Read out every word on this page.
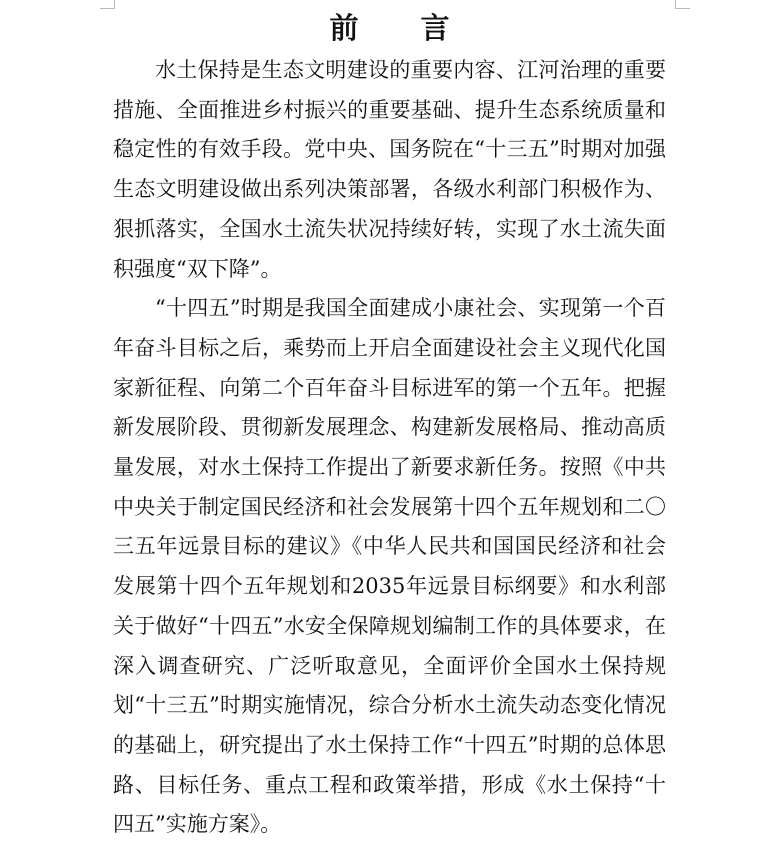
前 言

水土保持是生态文明建设的重要内容、江河治理的重要措施、全面推进乡村振兴的重要基础、提升生态系统质量和稳定性的有效手段。党中央、国务院在“十三五”时期对加强生态文明建设做出系列决策部署，各级水利部门积极作为、狠抓落实，全国水土流失状况持续好转，实现了水土流失面积强度“双下降”。

“十四五”时期是我国全面建成小康社会、实现第一个百年奋斗目标之后，乘势而上开启全面建设社会主义现代化国家新征程、向第二个百年奋斗目标进军的第一个五年。把握新发展阶段、贯彻新发展理念、构建新发展格局、推动高质量发展，对水土保持工作提出了新要求新任务。按照《中共中央关于制定国民经济和社会发展第十四个五年规划和二〇三五年远景目标的建议》《中华人民共和国国民经济和社会发展第十四个五年规划和2035年远景目标纲要》和水利部关于做好“十四五”水安全保障规划编制工作的具体要求，在深入调查研究、广泛听取意见，全面评价全国水土保持规划“十三五”时期实施情况，综合分析水土流失动态变化情况的基础上，研究提出了水土保持工作“十四五”时期的总体思路、目标任务、重点工程和政策举措，形成《水土保持“十四五”实施方案》。
